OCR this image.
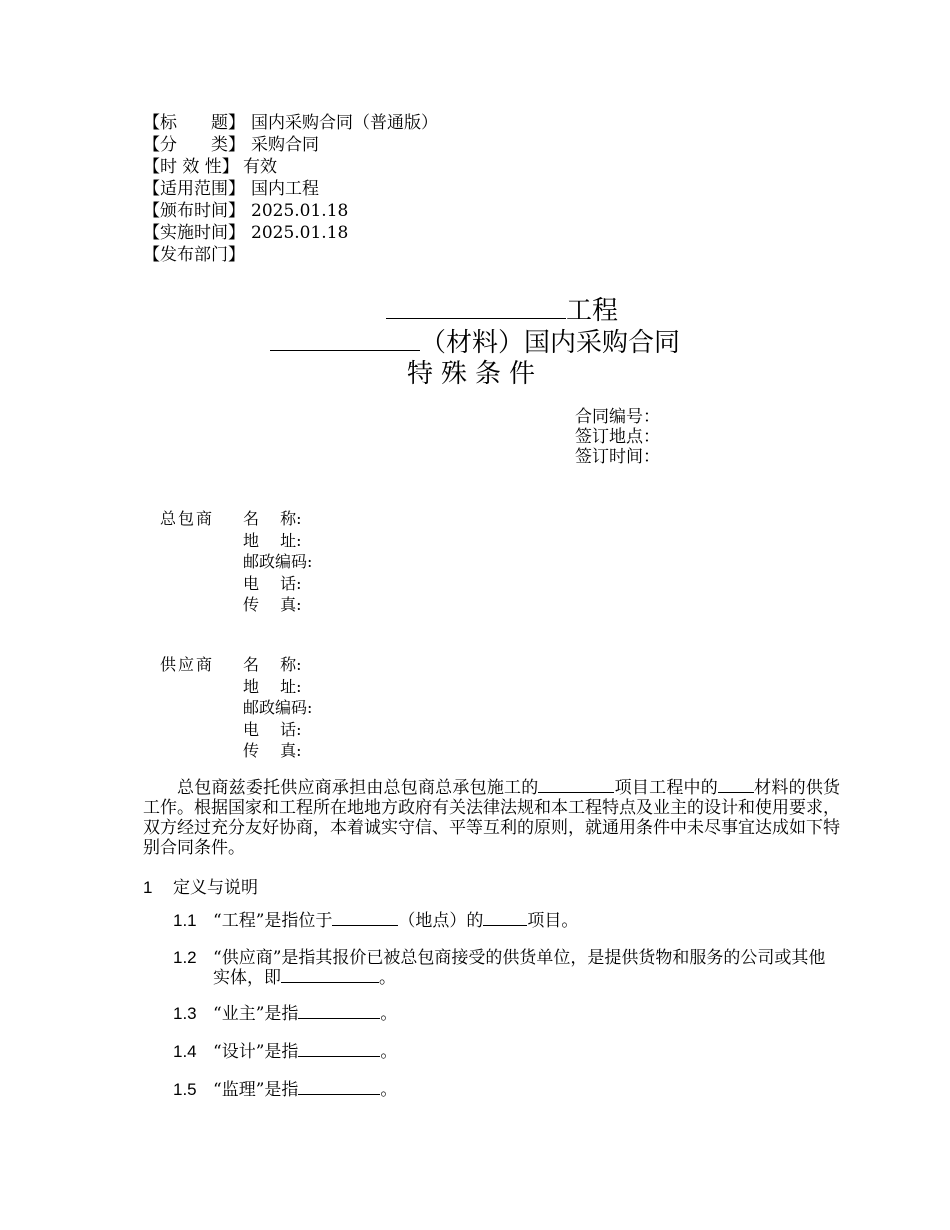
【标　　题】 国内采购合同（普通版）
【分　　类】 采购合同
【时 效 性】 有效
【适用范围】 国内工程
【颁布时间】 2025.01.18
【实施时间】 2025.01.18
【发布部门】
工程
（材料）国内采购合同
特殊条件
合同编号：
签订地点：
签订时间：
总包商	名　 称:
地　 址:
邮政编码:
电　 话:
传　 真:
供应商	名　 称:
地　 址:
邮政编码:
电　 话:
传　 真:
总包商兹委托供应商承担由总包商总承包施工的	项目工程中的 材料的供货工作。根据国家和工程所在地地方政府有关法律法规和本工程特点及业主的设计和使用要求，双方经过充分友好协商，本着诚实守信、平等互利的原则，就通用条件中未尽事宜达成如下特别合同条件。
1 定义与说明
1.1 “工程”是指位于	（地点）的	项目。
1.2 “供应商”是指其报价已被总包商接受的供货单位，是提供货物和服务的公司或其他 实体，即	。
1.3 “业主”是指	。
1.4 “设计”是指	。
1.5 “监理”是指	。
